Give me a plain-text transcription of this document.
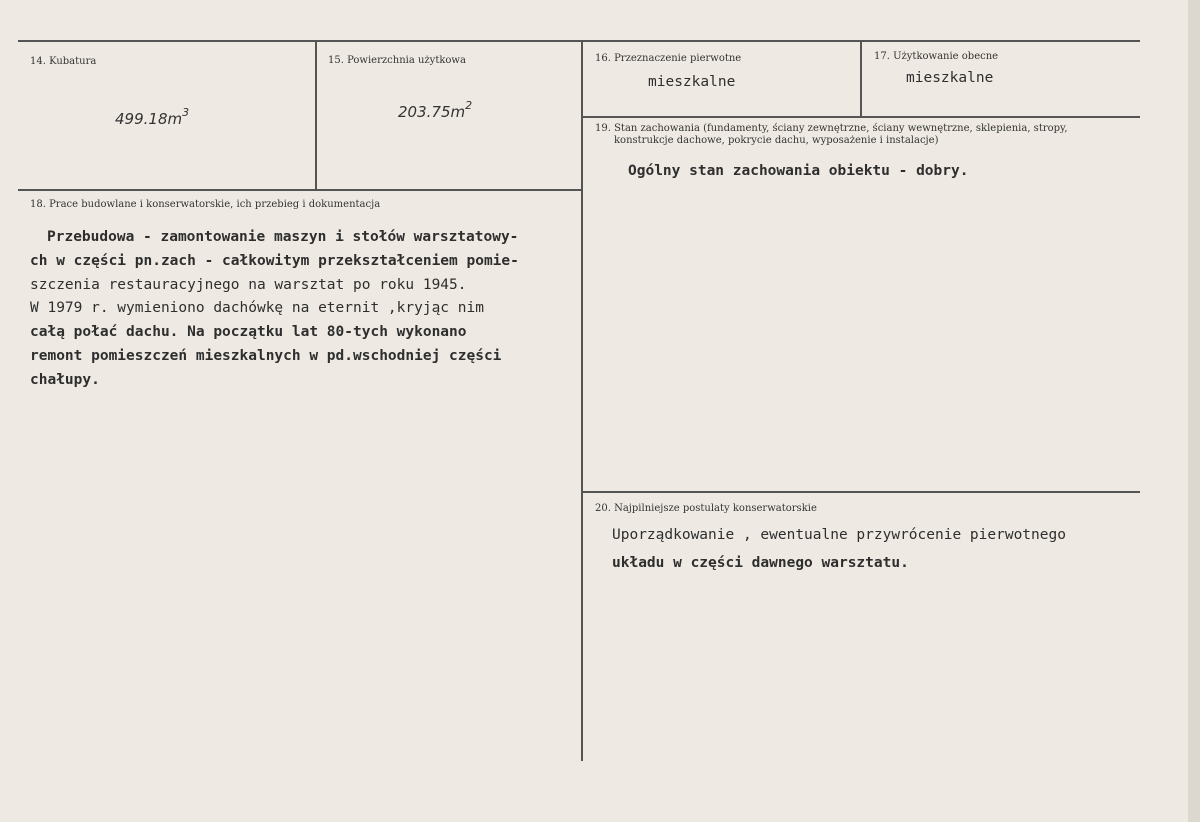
14. Kubatura
$499.18m^3$
15. Powierzchnia użytkowa
$203.75m^2$
16. Przeznaczenie pierwotne
mieszkalne
17. Użytkowanie obecne
mieszkalne
19. Stan zachowania (fundamenty, ściany zewnętrzne, ściany wewnętrzne, sklepienia, stropy,
konstrukcje dachowe, pokrycie dachu, wyposażenie i instalacje)
Ogólny stan zachowania obiektu - dobry.
18. Prace budowlane i konserwatorskie, ich przebieg i dokumentacja
Przebudowa - zamontowanie maszyn i stołów warsztatowy-
ch w części pn.zach - całkowitym przekształceniem pomie-
szczenia restauracyjnego na warsztat po roku 1945.
W 1979 r. wymieniono dachówkę na eternit ,kryjąc nim
całą połać dachu. Na początku lat 80-tych wykonano
remont pomieszczeń mieszkalnych w pd.wschodniej części
chałupy.
20. Najpilniejsze postulaty konserwatorskie
Uporządkowanie , ewentualne przywrócenie pierwotnego
układu w części dawnego warsztatu.
